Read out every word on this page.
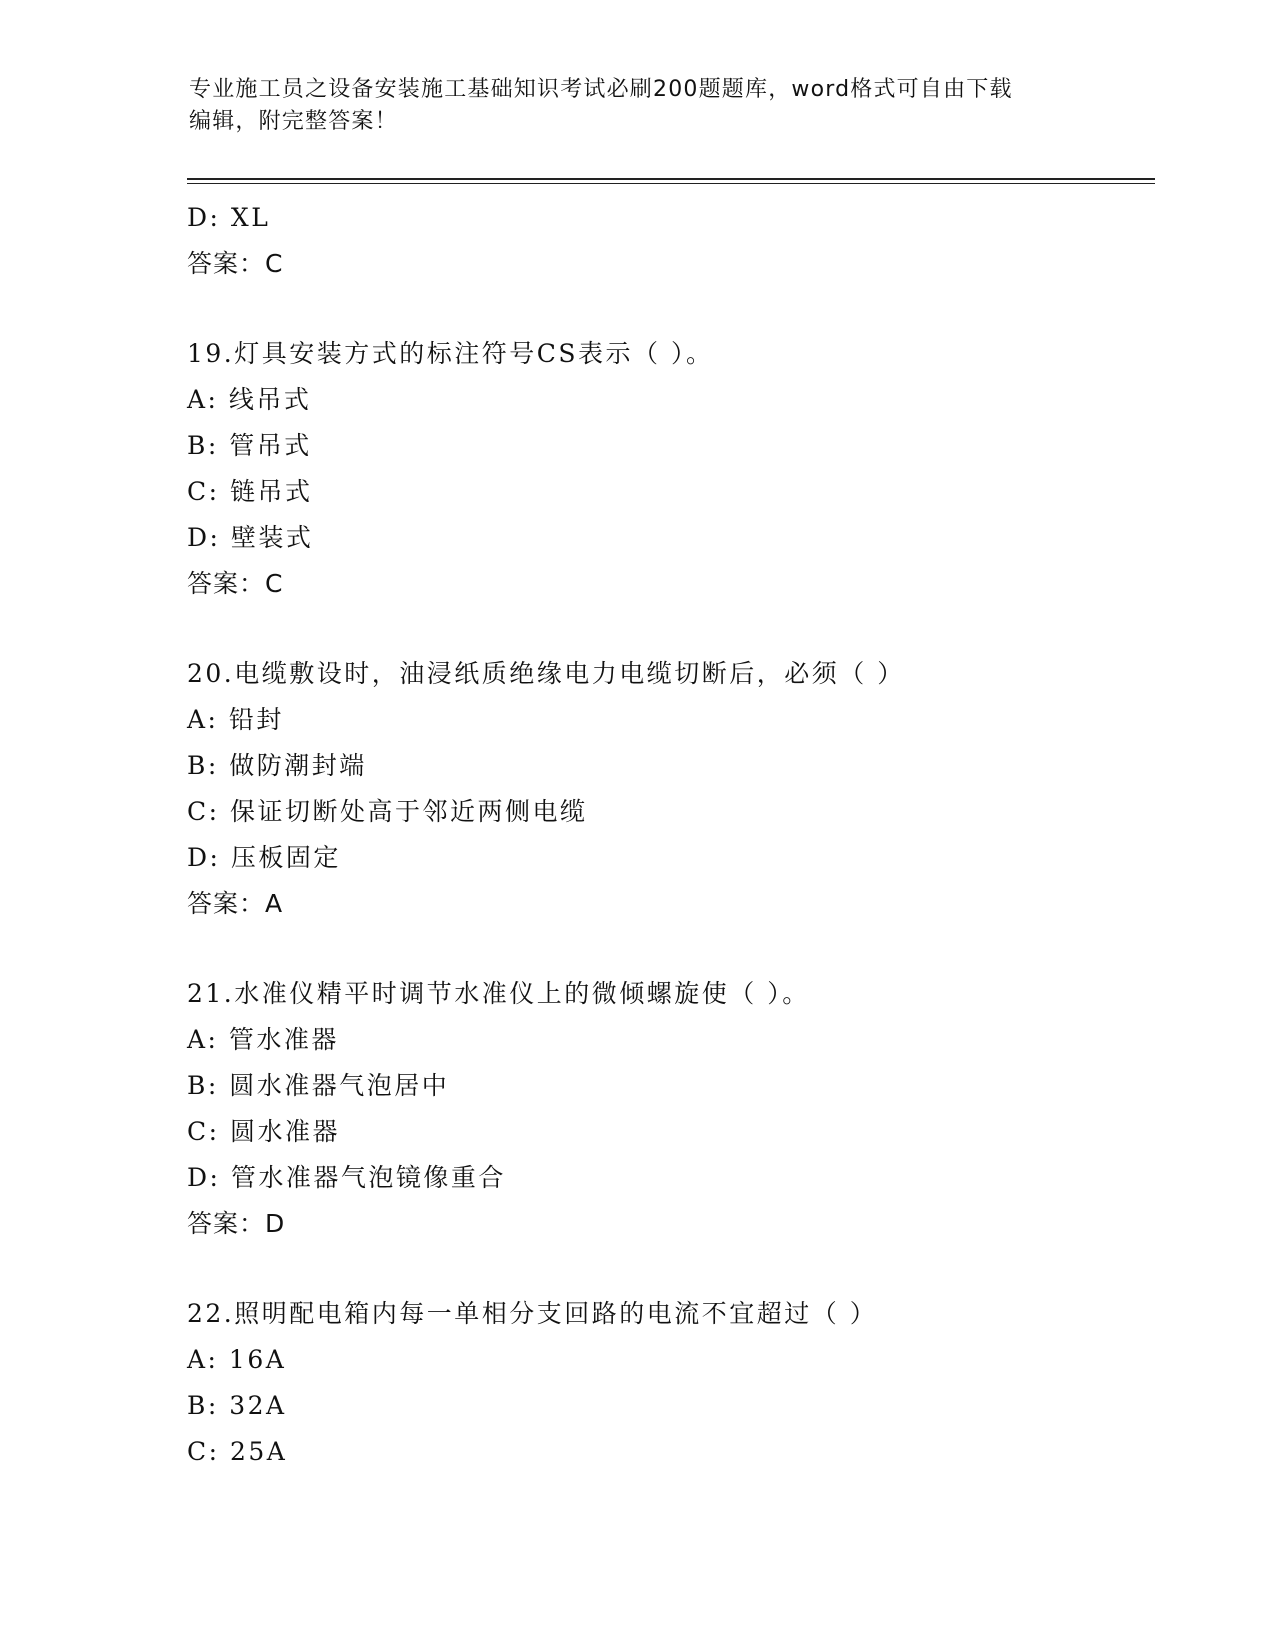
专业施工员之设备安装施工基础知识考试必刷200题题库，word格式可自由下载
编辑，附完整答案！
D: XL
答案：C
19.灯具安装方式的标注符号CS表示（ ）。
A: 线吊式
B: 管吊式
C: 链吊式
D: 壁装式
答案：C
20.电缆敷设时，油浸纸质绝缘电力电缆切断后，必须（ ）
A: 铅封
B: 做防潮封端
C: 保证切断处高于邻近两侧电缆
D: 压板固定
答案：A
21.水准仪精平时调节水准仪上的微倾螺旋使（ ）。
A: 管水准器
B: 圆水准器气泡居中
C: 圆水准器
D: 管水准器气泡镜像重合
答案：D
22.照明配电箱内每一单相分支回路的电流不宜超过（ ）
A: 16A
B: 32A
C: 25A
